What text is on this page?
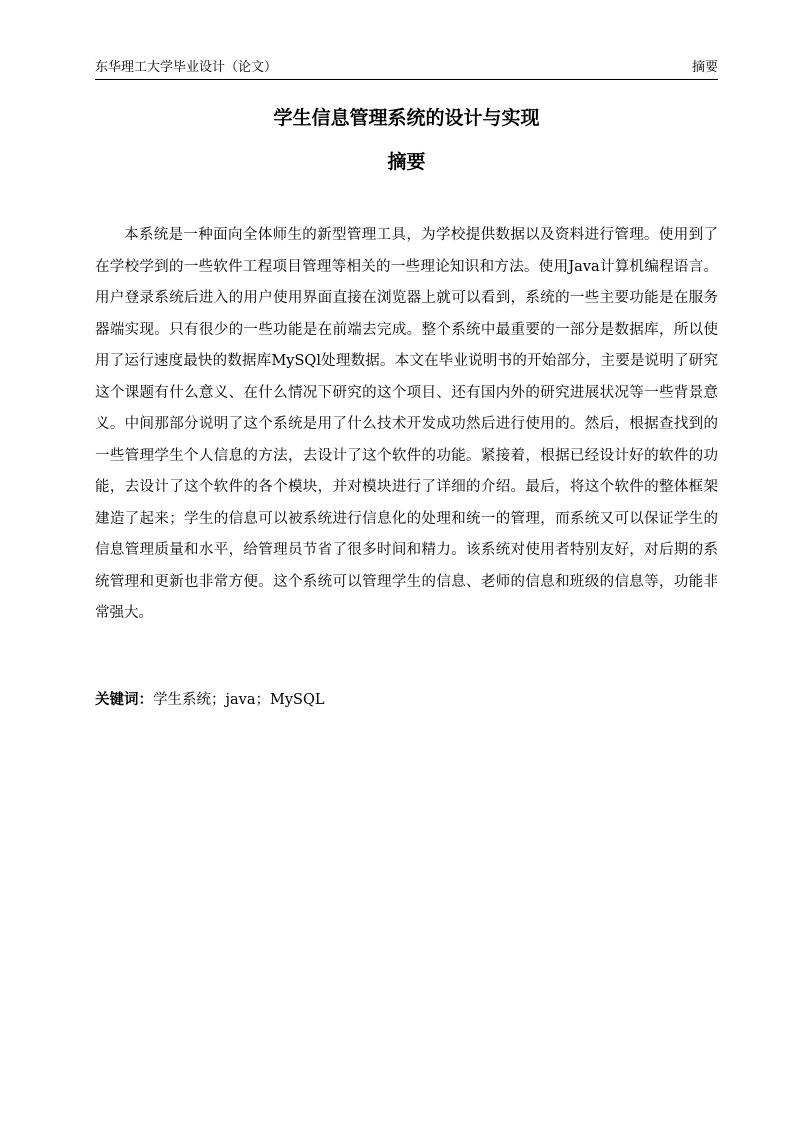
东华理工大学毕业设计（论文）	摘要
学生信息管理系统的设计与实现
摘要

本系统是一种面向全体师生的新型管理工具，为学校提供数据以及资料进行管理。使用到了在学校学到的一些软件工程项目管理等相关的一些理论知识和方法。使用Java计算机编程语言。用户登录系统后进入的用户使用界面直接在浏览器上就可以看到，系统的一些主要功能是在服务器端实现。只有很少的一些功能是在前端去完成。整个系统中最重要的一部分是数据库，所以使用了运行速度最快的数据库MySQl处理数据。本文在毕业说明书的开始部分，主要是说明了研究这个课题有什么意义、在什么情况下研究的这个项目、还有国内外的研究进展状况等一些背景意义。中间那部分说明了这个系统是用了什么技术开发成功然后进行使用的。然后，根据查找到的一些管理学生个人信息的方法，去设计了这个软件的功能。紧接着，根据已经设计好的软件的功能，去设计了这个软件的各个模块，并对模块进行了详细的介绍。最后，将这个软件的整体框架建造了起来；学生的信息可以被系统进行信息化的处理和统一的管理，而系统又可以保证学生的信息管理质量和水平，给管理员节省了很多时间和精力。该系统对使用者特别友好，对后期的系统管理和更新也非常方便。这个系统可以管理学生的信息、老师的信息和班级的信息等，功能非常强大。

关键词：学生系统；java；MySQL
